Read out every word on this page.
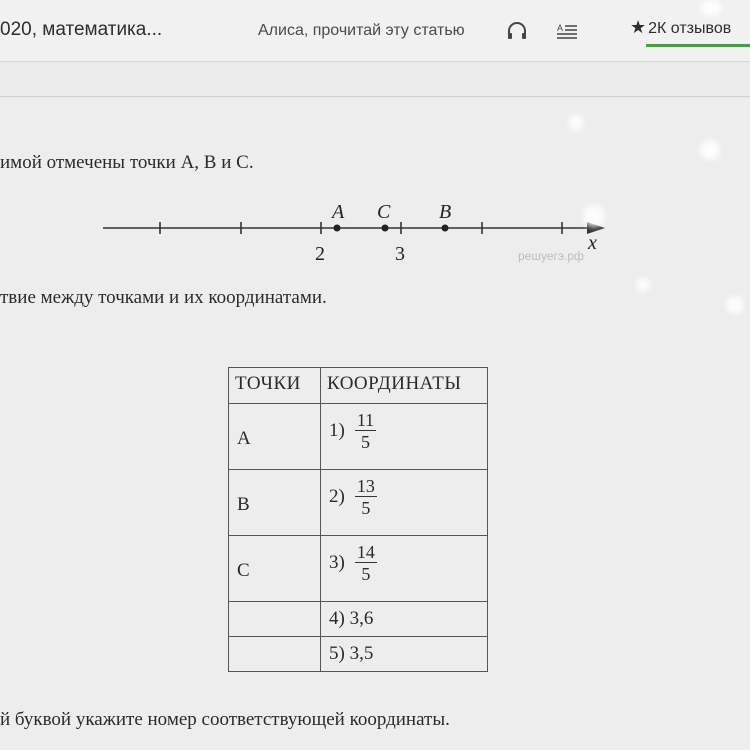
020, математика...	Алиса, прочитай эту статью	A	★ 2К отзывов
имой отмечены точки А, В и С.
A C B
2	3	x
решуегэ.рф
твие между точками и их координатами.
ТОЧКИ	КООРДИНАТЫ
А	$1) \frac{11}{5}$

В	$2) \frac{13}{5}$

С	$3) \frac{14}{5}$

	4) 3,6
	5) 3,5
й буквой укажите номер соответствующей координаты.
